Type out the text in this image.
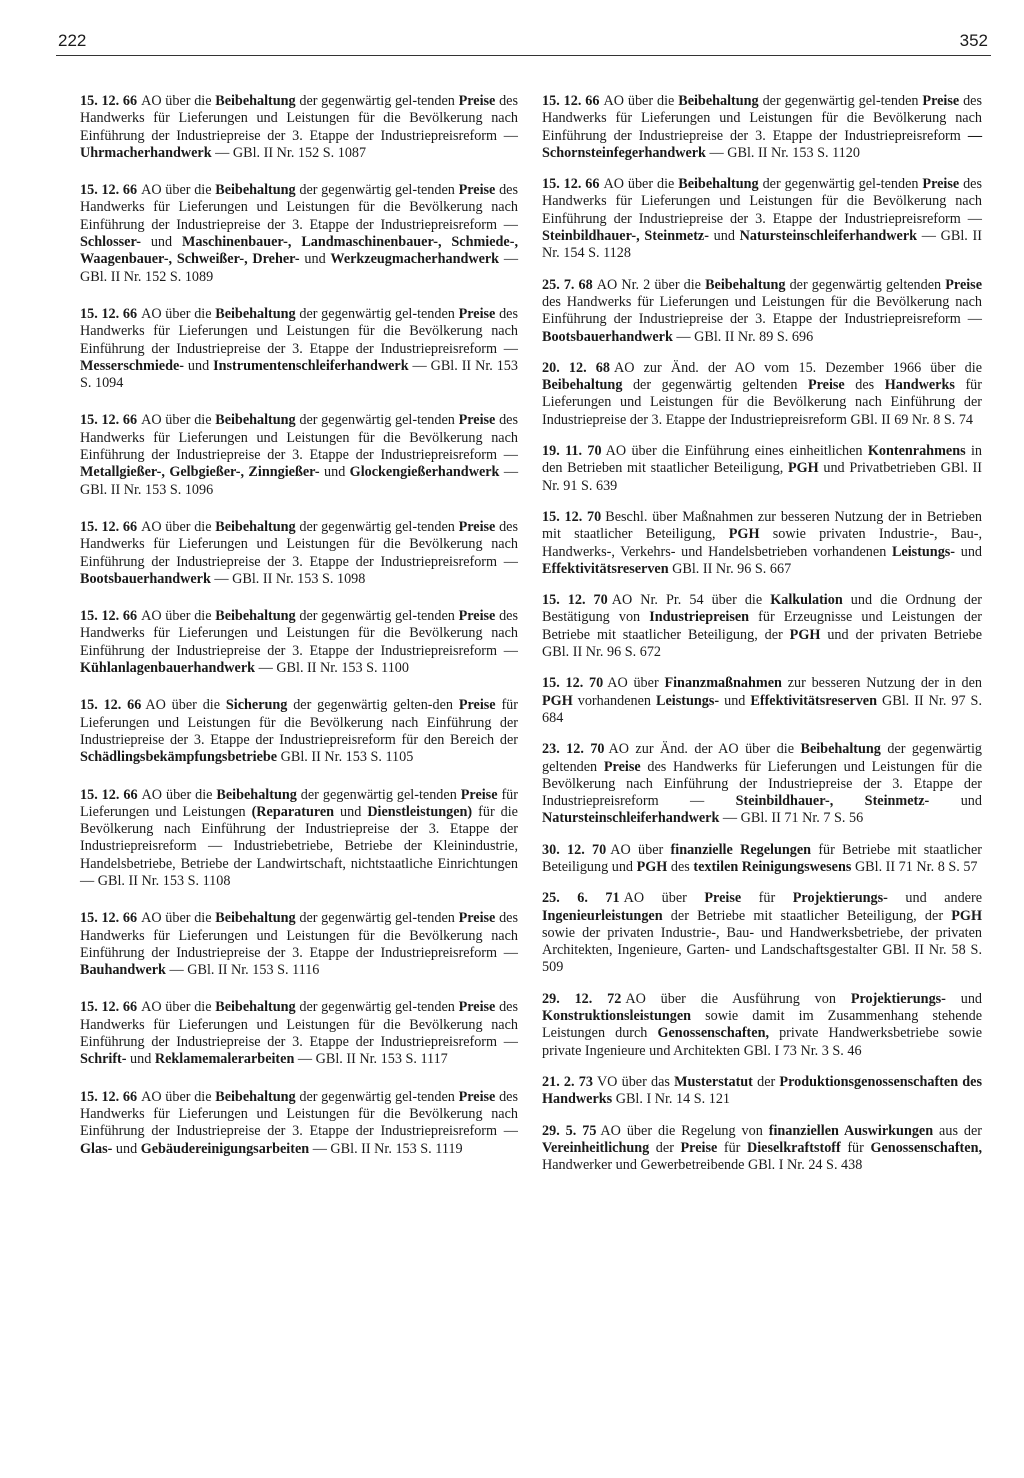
222	352

15. 12. 66 AO über die Beibehaltung der gegenwärtig gel-tenden Preise des Handwerks für Lieferungen und Leistungen für die Bevölkerung nach Einführung der Industriepreise der 3. Etappe der Industriepreisreform — Uhrmacherhandwerk — GBl. II Nr. 152 S. 1087

15. 12. 66 AO über die Beibehaltung der gegenwärtig gel-tenden Preise des Handwerks für Lieferungen und Leistungen für die Bevölkerung nach Einführung der Industriepreise der 3. Etappe der Industriepreisreform — Schlosser- und Maschinenbauer-, Landmaschinenbauer-, Schmiede-, Waagenbauer-, Schweißer-, Dreher- und Werkzeugmacherhandwerk — GBl. II Nr. 152 S. 1089

15. 12. 66 AO über die Beibehaltung der gegenwärtig gel-tenden Preise des Handwerks für Lieferungen und Leistungen für die Bevölkerung nach Einführung der Industriepreise der 3. Etappe der Industriepreisreform — Messerschmiede- und Instrumentenschleiferhandwerk — GBl. II Nr. 153 S. 1094

15. 12. 66 AO über die Beibehaltung der gegenwärtig gel-tenden Preise des Handwerks für Lieferungen und Leistungen für die Bevölkerung nach Einführung der Industriepreise der 3. Etappe der Industriepreisreform — Metallgießer-, Gelbgießer-, Zinngießer- und Glockengießerhandwerk — GBl. II Nr. 153 S. 1096

15. 12. 66 AO über die Beibehaltung der gegenwärtig gel-tenden Preise des Handwerks für Lieferungen und Leistungen für die Bevölkerung nach Einführung der Industriepreise der 3. Etappe der Industriepreisreform — Bootsbauerhandwerk — GBl. II Nr. 153 S. 1098

15. 12. 66 AO über die Beibehaltung der gegenwärtig gel-tenden Preise des Handwerks für Lieferungen und Leistungen für die Bevölkerung nach Einführung der Industriepreise der 3. Etappe der Industriepreisreform — Kühlanlagenbauerhandwerk — GBl. II Nr. 153 S. 1100

15. 12. 66 AO über die Sicherung der gegenwärtig gelten-den Preise für Lieferungen und Leistungen für die Bevölkerung nach Einführung der Industriepreise der 3. Etappe der Industriepreisreform für den Bereich der Schädlingsbekämpfungsbetriebe GBl. II Nr. 153 S. 1105

15. 12. 66 AO über die Beibehaltung der gegenwärtig gel-tenden Preise für Lieferungen und Leistungen (Reparaturen und Dienstleistungen) für die Bevölkerung nach Einführung der Industriepreise der 3. Etappe der Industriepreisreform — Industriebetriebe, Betriebe der Kleinindustrie, Handelsbetriebe, Betriebe der Landwirtschaft, nichtstaatliche Einrichtungen — GBl. II Nr. 153 S. 1108

15. 12. 66 AO über die Beibehaltung der gegenwärtig gel-tenden Preise des Handwerks für Lieferungen und Leistungen für die Bevölkerung nach Einführung der Industriepreise der 3. Etappe der Industriepreisreform — Bauhandwerk — GBl. II Nr. 153 S. 1116

15. 12. 66 AO über die Beibehaltung der gegenwärtig gel-tenden Preise des Handwerks für Lieferungen und Leistungen für die Bevölkerung nach Einführung der Industriepreise der 3. Etappe der Industriepreisreform — Schrift- und Reklamemalerarbeiten — GBl. II Nr. 153 S. 1117

15. 12. 66 AO über die Beibehaltung der gegenwärtig gel-tenden Preise des Handwerks für Lieferungen und Leistungen für die Bevölkerung nach Einführung der Industriepreise der 3. Etappe der Industriepreisreform — Glas- und Gebäudereinigungsarbeiten — GBl. II Nr. 153 S. 1119

15. 12. 66 AO über die Beibehaltung der gegenwärtig gel-tenden Preise des Handwerks für Lieferungen und Leistungen für die Bevölkerung nach Einführung der Industriepreise der 3. Etappe der Industriepreisreform — Schornsteinfegerhandwerk — GBl. II Nr. 153 S. 1120

15. 12. 66 AO über die Beibehaltung der gegenwärtig gel-tenden Preise des Handwerks für Lieferungen und Leistungen für die Bevölkerung nach Einführung der Industriepreise der 3. Etappe der Industriepreisreform — Steinbildhauer-, Steinmetz- und Natursteinschleiferhandwerk — GBl. II Nr. 154 S. 1128

25. 7. 68 AO Nr. 2 über die Beibehaltung der gegenwärtig geltenden Preise des Handwerks für Lieferungen und Leistungen für die Bevölkerung nach Einführung der Industriepreise der 3. Etappe der Industriepreisreform — Bootsbauerhandwerk — GBl. II Nr. 89 S. 696

20. 12. 68 AO zur Änd. der AO vom 15. Dezember 1966 über die Beibehaltung der gegenwärtig geltenden Preise des Handwerks für Lieferungen und Leistungen für die Bevölkerung nach Einführung der Industriepreise der 3. Etappe der Industriepreisreform GBl. II 69 Nr. 8 S. 74

19. 11. 70 AO über die Einführung eines einheitlichen Kontenrahmens in den Betrieben mit staatlicher Beteiligung, PGH und Privatbetrieben GBl. II Nr. 91 S. 639

15. 12. 70 Beschl. über Maßnahmen zur besseren Nutzung der in Betrieben mit staatlicher Beteiligung, PGH sowie privaten Industrie-, Bau-, Handwerks-, Verkehrs- und Handelsbetrieben vorhandenen Leistungs- und Effektivitätsreserven GBl. II Nr. 96 S. 667

15. 12. 70 AO Nr. Pr. 54 über die Kalkulation und die Ordnung der Bestätigung von Industriepreisen für Erzeugnisse und Leistungen der Betriebe mit staatlicher Beteiligung, der PGH und der privaten Betriebe GBl. II Nr. 96 S. 672

15. 12. 70 AO über Finanzmaßnahmen zur besseren Nutzung der in den PGH vorhandenen Leistungs- und Effektivitätsreserven GBl. II Nr. 97 S. 684

23. 12. 70 AO zur Änd. der AO über die Beibehaltung der gegenwärtig geltenden Preise des Handwerks für Lieferungen und Leistungen für die Bevölkerung nach Einführung der Industriepreise der 3. Etappe der Industriepreisreform — Steinbildhauer-, Steinmetz- und Natursteinschleiferhandwerk — GBl. II 71 Nr. 7 S. 56

30. 12. 70 AO über finanzielle Regelungen für Betriebe mit staatlicher Beteiligung und PGH des textilen Reinigungswesens GBl. II 71 Nr. 8 S. 57

25. 6. 71 AO über Preise für Projektierungs- und andere Ingenieurleistungen der Betriebe mit staatlicher Beteiligung, der PGH sowie der privaten Industrie-, Bau- und Handwerksbetriebe, der privaten Architekten, Ingenieure, Garten- und Landschaftsgestalter GBl. II Nr. 58 S. 509

29. 12. 72 AO über die Ausführung von Projektierungs- und Konstruktionsleistungen sowie damit im Zusammenhang stehende Leistungen durch Genossenschaften, private Handwerksbetriebe sowie private Ingenieure und Architekten GBl. I 73 Nr. 3 S. 46

21. 2. 73 VO über das Musterstatut der Produktionsgenossenschaften des Handwerks GBl. I Nr. 14 S. 121

29. 5. 75 AO über die Regelung von finanziellen Auswirkungen aus der Vereinheitlichung der Preise für Dieselkraftstoff für Genossenschaften, Handwerker und Gewerbetreibende GBl. I Nr. 24 S. 438
